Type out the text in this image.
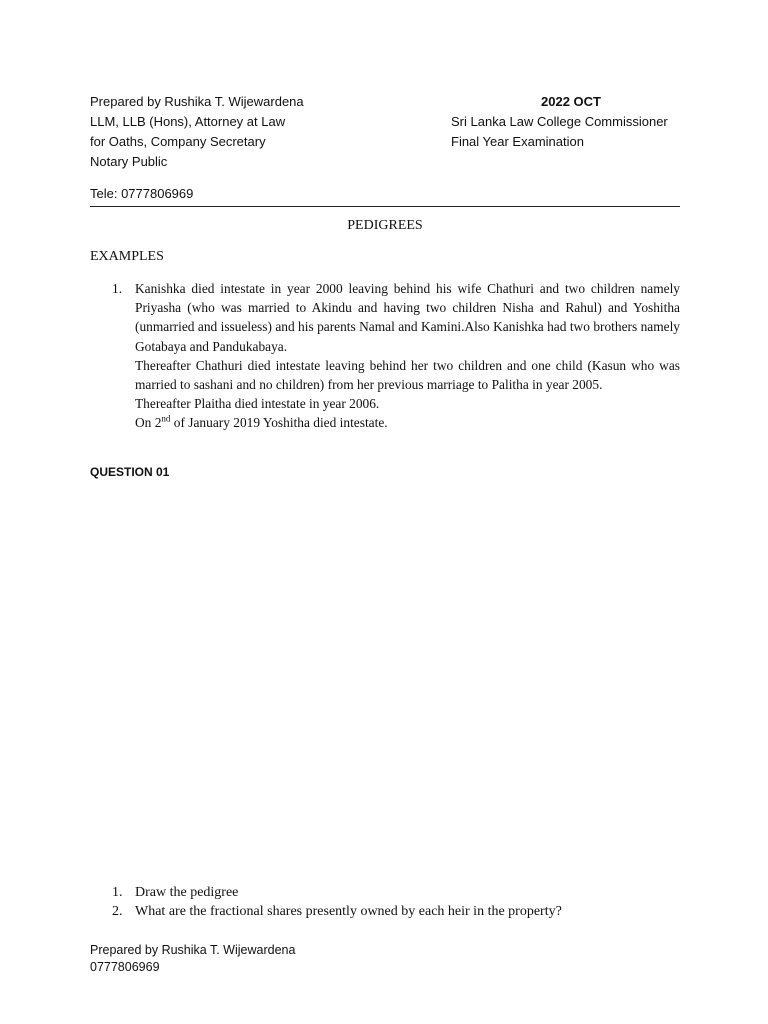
Prepared by Rushika T. Wijewardena
LLM, LLB (Hons), Attorney at Law
for Oaths, Company Secretary
Notary Public
2022 OCT
Sri Lanka Law College Commissioner
Final Year Examination
Tele: 0777806969
PEDIGREES
EXAMPLES
1. Kanishka died intestate in year 2000 leaving behind his wife Chathuri and two children namely Priyasha (who was married to Akindu and having two children Nisha and Rahul) and Yoshitha (unmarried and issueless) and his parents Namal and Kamini.Also Kanishka had two brothers namely Gotabaya and Pandukabaya.

Thereafter Chathuri died intestate leaving behind her two children and one child (Kasun who was married to sashani and no children) from her previous marriage to Palitha in year 2005.

Thereafter Plaitha died intestate in year 2006.

On 2nd of January 2019 Yoshitha died intestate.

QUESTION 01
1. Draw the pedigree
2. What are the fractional shares presently owned by each heir in the property?
Prepared by Rushika T. Wijewardena
0777806969
